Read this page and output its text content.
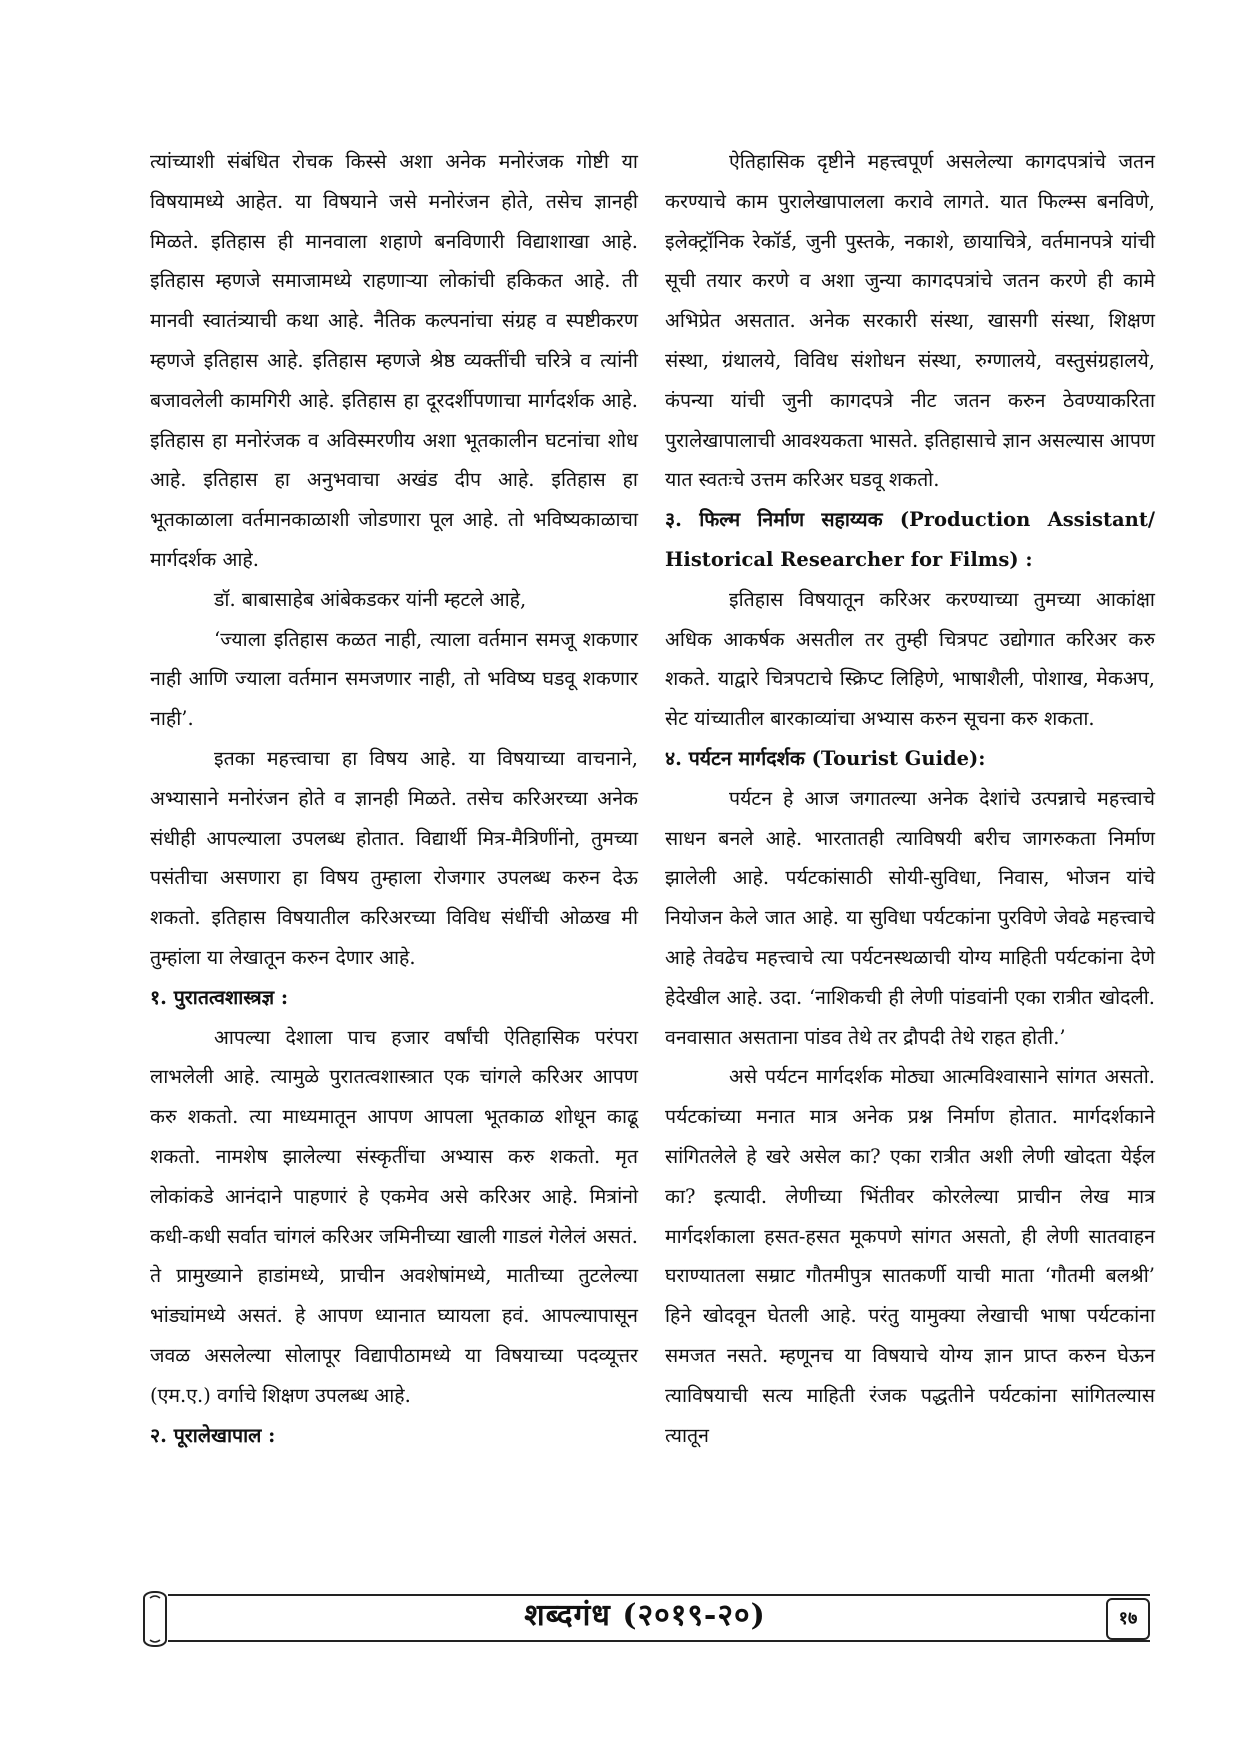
त्यांच्याशी संबंधित रोचक किस्से अशा अनेक मनोरंजक गोष्टी या विषयामध्ये आहेत. या विषयाने जसे मनोरंजन होते, तसेच ज्ञानही मिळते. इतिहास ही मानवाला शहाणे बनविणारी विद्याशाखा आहे. इतिहास म्हणजे समाजामध्ये राहणाऱ्या लोकांची हकिकत आहे. ती मानवी स्वातंत्र्याची कथा आहे. नैतिक कल्पनांचा संग्रह व स्पष्टीकरण म्हणजे इतिहास आहे. इतिहास म्हणजे श्रेष्ठ व्यक्तींची चरित्रे व त्यांनी बजावलेली कामगिरी आहे. इतिहास हा दूरदर्शीपणाचा मार्गदर्शक आहे. इतिहास हा मनोरंजक व अविस्मरणीय अशा भूतकालीन घटनांचा शोध आहे. इतिहास हा अनुभवाचा अखंड दीप आहे. इतिहास हा भूतकाळाला वर्तमानकाळाशी जोडणारा पूल आहे. तो भविष्यकाळाचा मार्गदर्शक आहे.

डॉ. बाबासाहेब आंबेकडकर यांनी म्हटले आहे,

‘ज्याला इतिहास कळत नाही, त्याला वर्तमान समजू शकणार नाही आणि ज्याला वर्तमान समजणार नाही, तो भविष्य घडवू शकणार नाही’.

इतका महत्त्वाचा हा विषय आहे. या विषयाच्या वाचनाने, अभ्यासाने मनोरंजन होते व ज्ञानही मिळते. तसेच करिअरच्या अनेक संधीही आपल्याला उपलब्ध होतात. विद्यार्थी मित्र-मैत्रिणींनो, तुमच्या पसंतीचा असणारा हा विषय तुम्हाला रोजगार उपलब्ध करुन देऊ शकतो. इतिहास विषयातील करिअरच्या विविध संधींची ओळख मी तुम्हांला या लेखातून करुन देणार आहे.

१. पुरातत्वशास्त्रज्ञ :

आपल्या देशाला पाच हजार वर्षांची ऐतिहासिक परंपरा लाभलेली आहे. त्यामुळे पुरातत्वशास्त्रात एक चांगले करिअर आपण करु शकतो. त्या माध्यमातून आपण आपला भूतकाळ शोधून काढू शकतो. नामशेष झालेल्या संस्कृतींचा अभ्यास करु शकतो. मृत लोकांकडे आनंदाने पाहणारं हे एकमेव असे करिअर आहे. मित्रांनो कधी-कधी सर्वात चांगलं करिअर जमिनीच्या खाली गाडलं गेलेलं असतं. ते प्रामुख्याने हाडांमध्ये, प्राचीन अवशेषांमध्ये, मातीच्या तुटलेल्या भांड्यांमध्ये असतं. हे आपण ध्यानात घ्यायला हवं. आपल्यापासून जवळ असलेल्या सोलापूर विद्यापीठामध्ये या विषयाच्या पदव्यूत्तर (एम.ए.) वर्गाचे शिक्षण उपलब्ध आहे.

२. पूरालेखापाल :

ऐतिहासिक दृष्टीने महत्त्वपूर्ण असलेल्या कागदपत्रांचे जतन करण्याचे काम पुरालेखापालला करावे लागते. यात फिल्म्स बनविणे, इलेक्ट्रॉनिक रेकॉर्ड, जुनी पुस्तके, नकाशे, छायाचित्रे, वर्तमानपत्रे यांची सूची तयार करणे व अशा जुन्या कागदपत्रांचे जतन करणे ही कामे अभिप्रेत असतात. अनेक सरकारी संस्था, खासगी संस्था, शिक्षण संस्था, ग्रंथालये, विविध संशोधन संस्था, रुग्णालये, वस्तुसंग्रहालये, कंपन्या यांची जुनी कागदपत्रे नीट जतन करुन ठेवण्याकरिता पुरालेखापालाची आवश्यकता भासते. इतिहासाचे ज्ञान असल्यास आपण यात स्वतःचे उत्तम करिअर घडवू शकतो.

३. फिल्म निर्माण सहाय्यक (Production Assistant/ Historical Researcher for Films) :

इतिहास विषयातून करिअर करण्याच्या तुमच्या आकांक्षा अधिक आकर्षक असतील तर तुम्ही चित्रपट उद्योगात करिअर करु शकते. याद्वारे चित्रपटाचे स्क्रिप्ट लिहिणे, भाषाशैली, पोशाख, मेकअप, सेट यांच्यातील बारकाव्यांचा अभ्यास करुन सूचना करु शकता.

४. पर्यटन मार्गदर्शक (Tourist Guide):

पर्यटन हे आज जगातल्या अनेक देशांचे उत्पन्नाचे महत्त्वाचे साधन बनले आहे. भारतातही त्याविषयी बरीच जागरुकता निर्माण झालेली आहे. पर्यटकांसाठी सोयी-सुविधा, निवास, भोजन यांचे नियोजन केले जात आहे. या सुविधा पर्यटकांना पुरविणे जेवढे महत्त्वाचे आहे तेवढेच महत्त्वाचे त्या पर्यटनस्थळाची योग्य माहिती पर्यटकांना देणे हेदेखील आहे. उदा. ‘नाशिकची ही लेणी पांडवांनी एका रात्रीत खोदली. वनवासात असताना पांडव तेथे तर द्रौपदी तेथे राहत होती.’

असे पर्यटन मार्गदर्शक मोठ्या आत्मविश्वासाने सांगत असतो. पर्यटकांच्या मनात मात्र अनेक प्रश्न निर्माण होतात. मार्गदर्शकाने सांगितलेले हे खरे असेल का? एका रात्रीत अशी लेणी खोदता येईल का? इत्यादी. लेणीच्या भिंतीवर कोरलेल्या प्राचीन लेख मात्र मार्गदर्शकाला हसत-हसत मूकपणे सांगत असतो, ही लेणी सातवाहन घराण्यातला सम्राट गौतमीपुत्र सातकर्णी याची माता ‘गौतमी बलश्री’ हिने खोदवून घेतली आहे. परंतु यामुक्या लेखाची भाषा पर्यटकांना समजत नसते. म्हणूनच या विषयाचे योग्य ज्ञान प्राप्त करुन घेऊन त्याविषयाची सत्य माहिती रंजक पद्धतीने पर्यटकांना सांगितल्यास त्यातून

शब्दगंध (२०१९-२०)	१७
